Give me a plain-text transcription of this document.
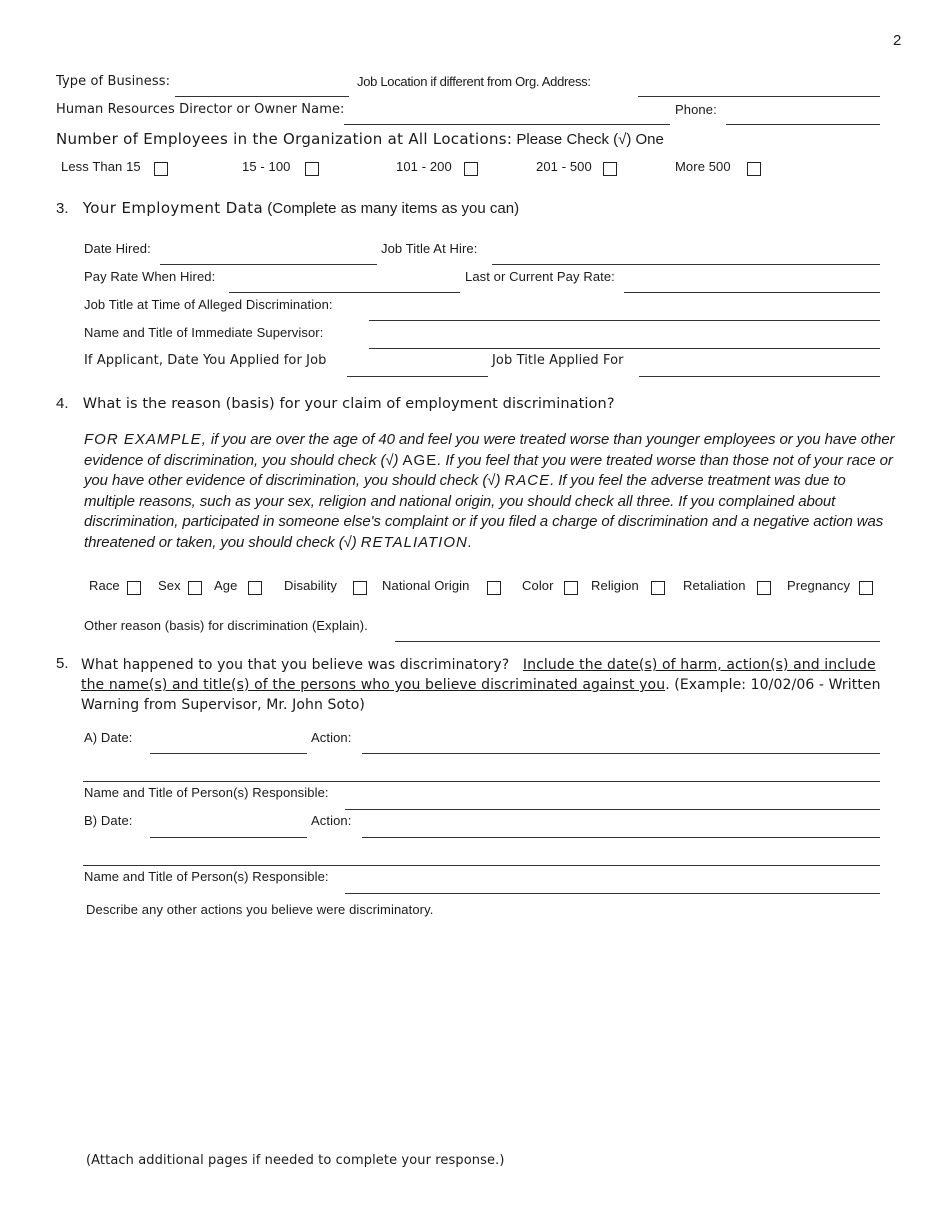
2
Type of Business:	Job Location if different from Org. Address:
Human Resources Director or Owner Name:	Phone:
Number of Employees in the Organization at All Locations: Please Check (√) One
Less Than 15	15 - 100	101 - 200	201 - 500	More 500
3. Your Employment Data (Complete as many items as you can)
Date Hired:	Job Title At Hire:
Pay Rate When Hired:	Last or Current Pay Rate:
Job Title at Time of Alleged Discrimination:
Name and Title of Immediate Supervisor:
If Applicant, Date You Applied for Job	Job Title Applied For
4. What is the reason (basis) for your claim of employment discrimination?
FOR EXAMPLE, if you are over the age of 40 and feel you were treated worse than younger employees or you have other evidence of discrimination, you should check (√) AGE. If you feel that you were treated worse than those not of your race or you have other evidence of discrimination, you should check (√) RACE. If you feel the adverse treatment was due to multiple reasons, such as your sex, religion and national origin, you should check all three. If you complained about discrimination, participated in someone else's complaint or if you filed a charge of discrimination and a negative action was threatened or taken, you should check (√) RETALIATION.
Race	Sex	Age	Disability	National Origin	Color	Religion	Retaliation	Pregnancy
Other reason (basis) for discrimination (Explain).
5. What happened to you that you believe was discriminatory? Include the date(s) of harm, action(s) and include the name(s) and title(s) of the persons who you believe discriminated against you. (Example: 10/02/06 - Written Warning from Supervisor, Mr. John Soto)
A) Date:	Action:
Name and Title of Person(s) Responsible:
B) Date:	Action:
Name and Title of Person(s) Responsible:
Describe any other actions you believe were discriminatory.
(Attach additional pages if needed to complete your response.)
